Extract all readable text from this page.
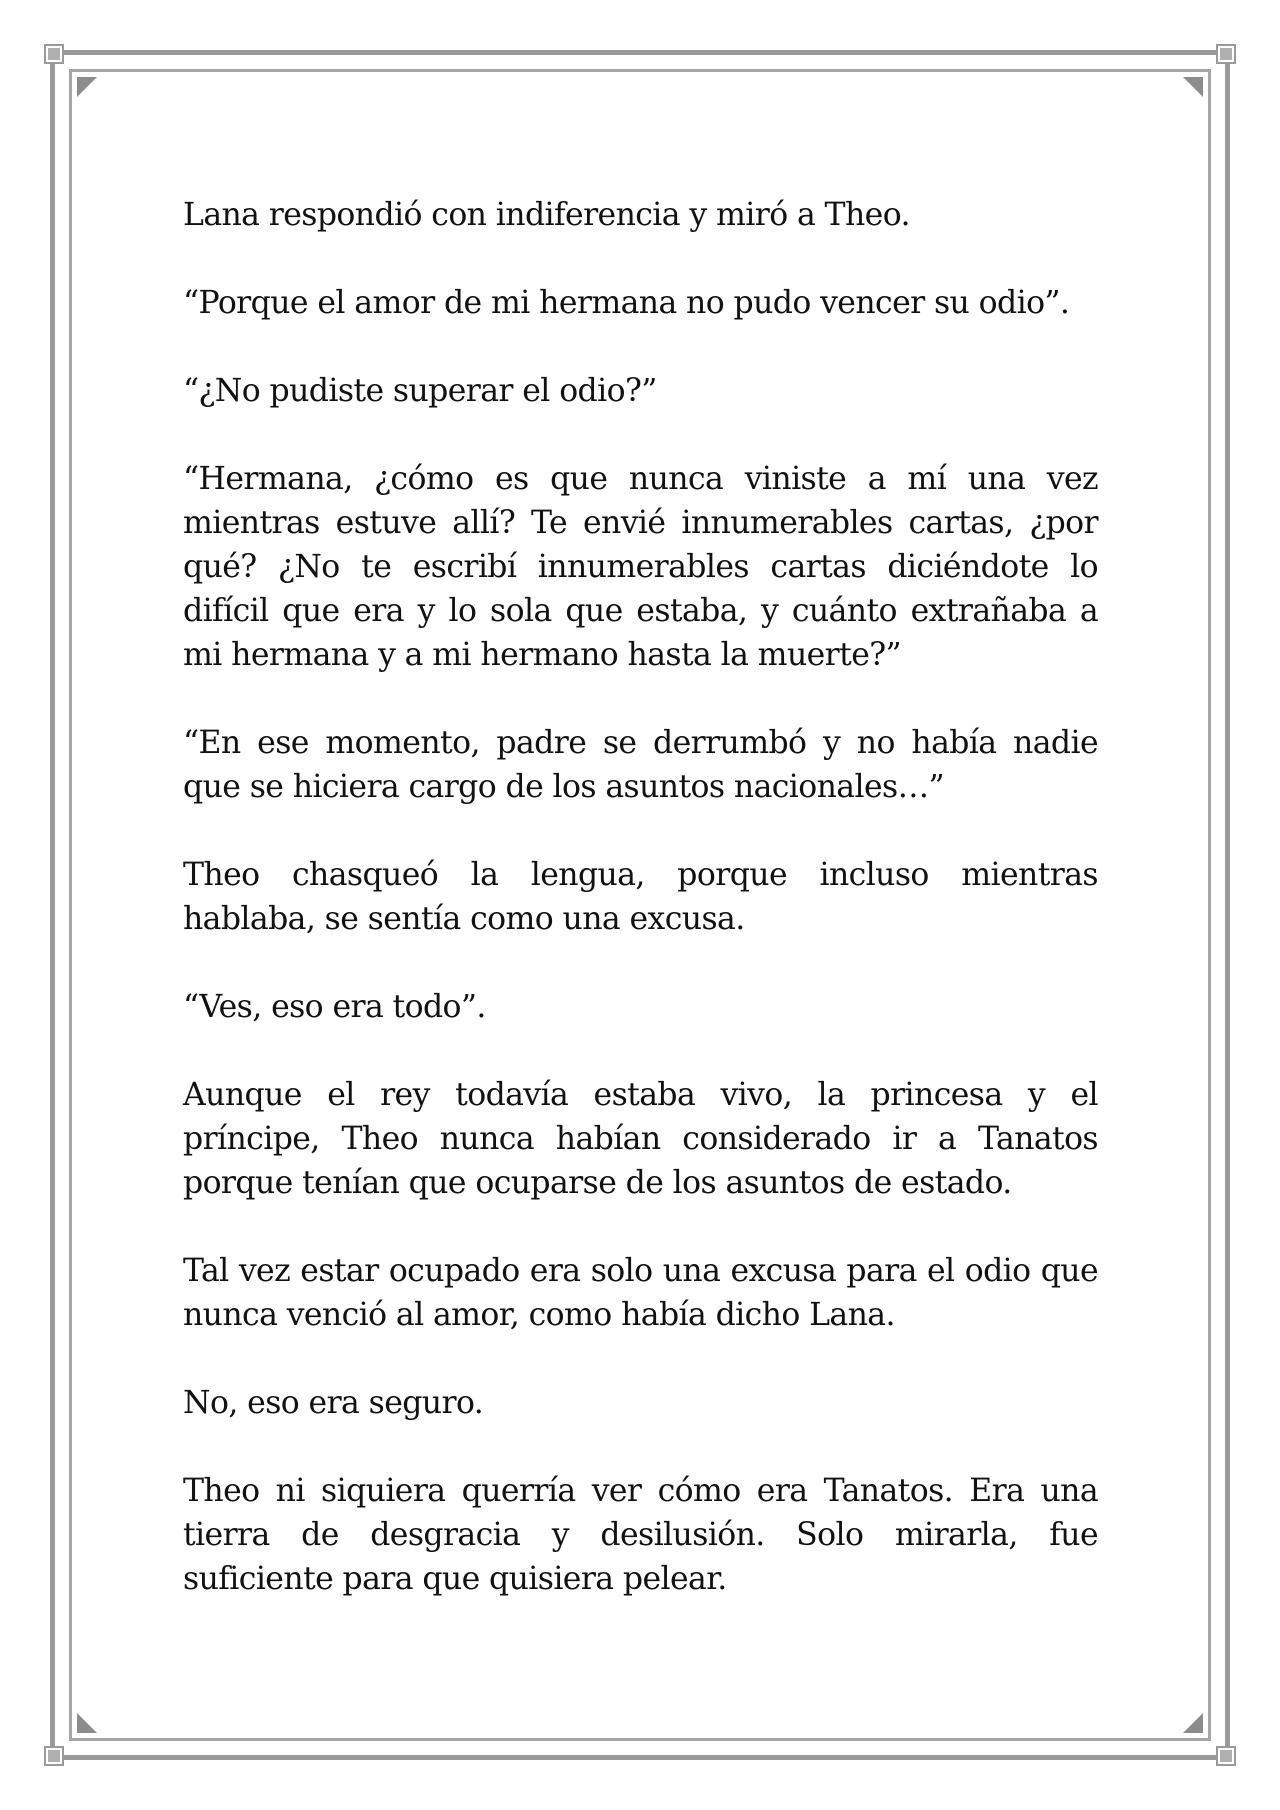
Lana respondió con indiferencia y miró a Theo.

“Porque el amor de mi hermana no pudo vencer su odio”.

“¿No pudiste superar el odio?”

“Hermana, ¿cómo es que nunca viniste a mí una vez mientras estuve allí? Te envié innumerables cartas, ¿por qué? ¿No te escribí innumerables cartas diciéndote lo difícil que era y lo sola que estaba, y cuánto extrañaba a mi hermana y a mi hermano hasta la muerte?”

“En ese momento, padre se derrumbó y no había nadie que se hiciera cargo de los asuntos nacionales…”

Theo chasqueó la lengua, porque incluso mientras hablaba, se sentía como una excusa.

“Ves, eso era todo”.

Aunque el rey todavía estaba vivo, la princesa y el príncipe, Theo nunca habían considerado ir a Tanatos porque tenían que ocuparse de los asuntos de estado.

Tal vez estar ocupado era solo una excusa para el odio que nunca venció al amor, como había dicho Lana.

No, eso era seguro.

Theo ni siquiera querría ver cómo era Tanatos. Era una tierra de desgracia y desilusión. Solo mirarla, fue suficiente para que quisiera pelear.
